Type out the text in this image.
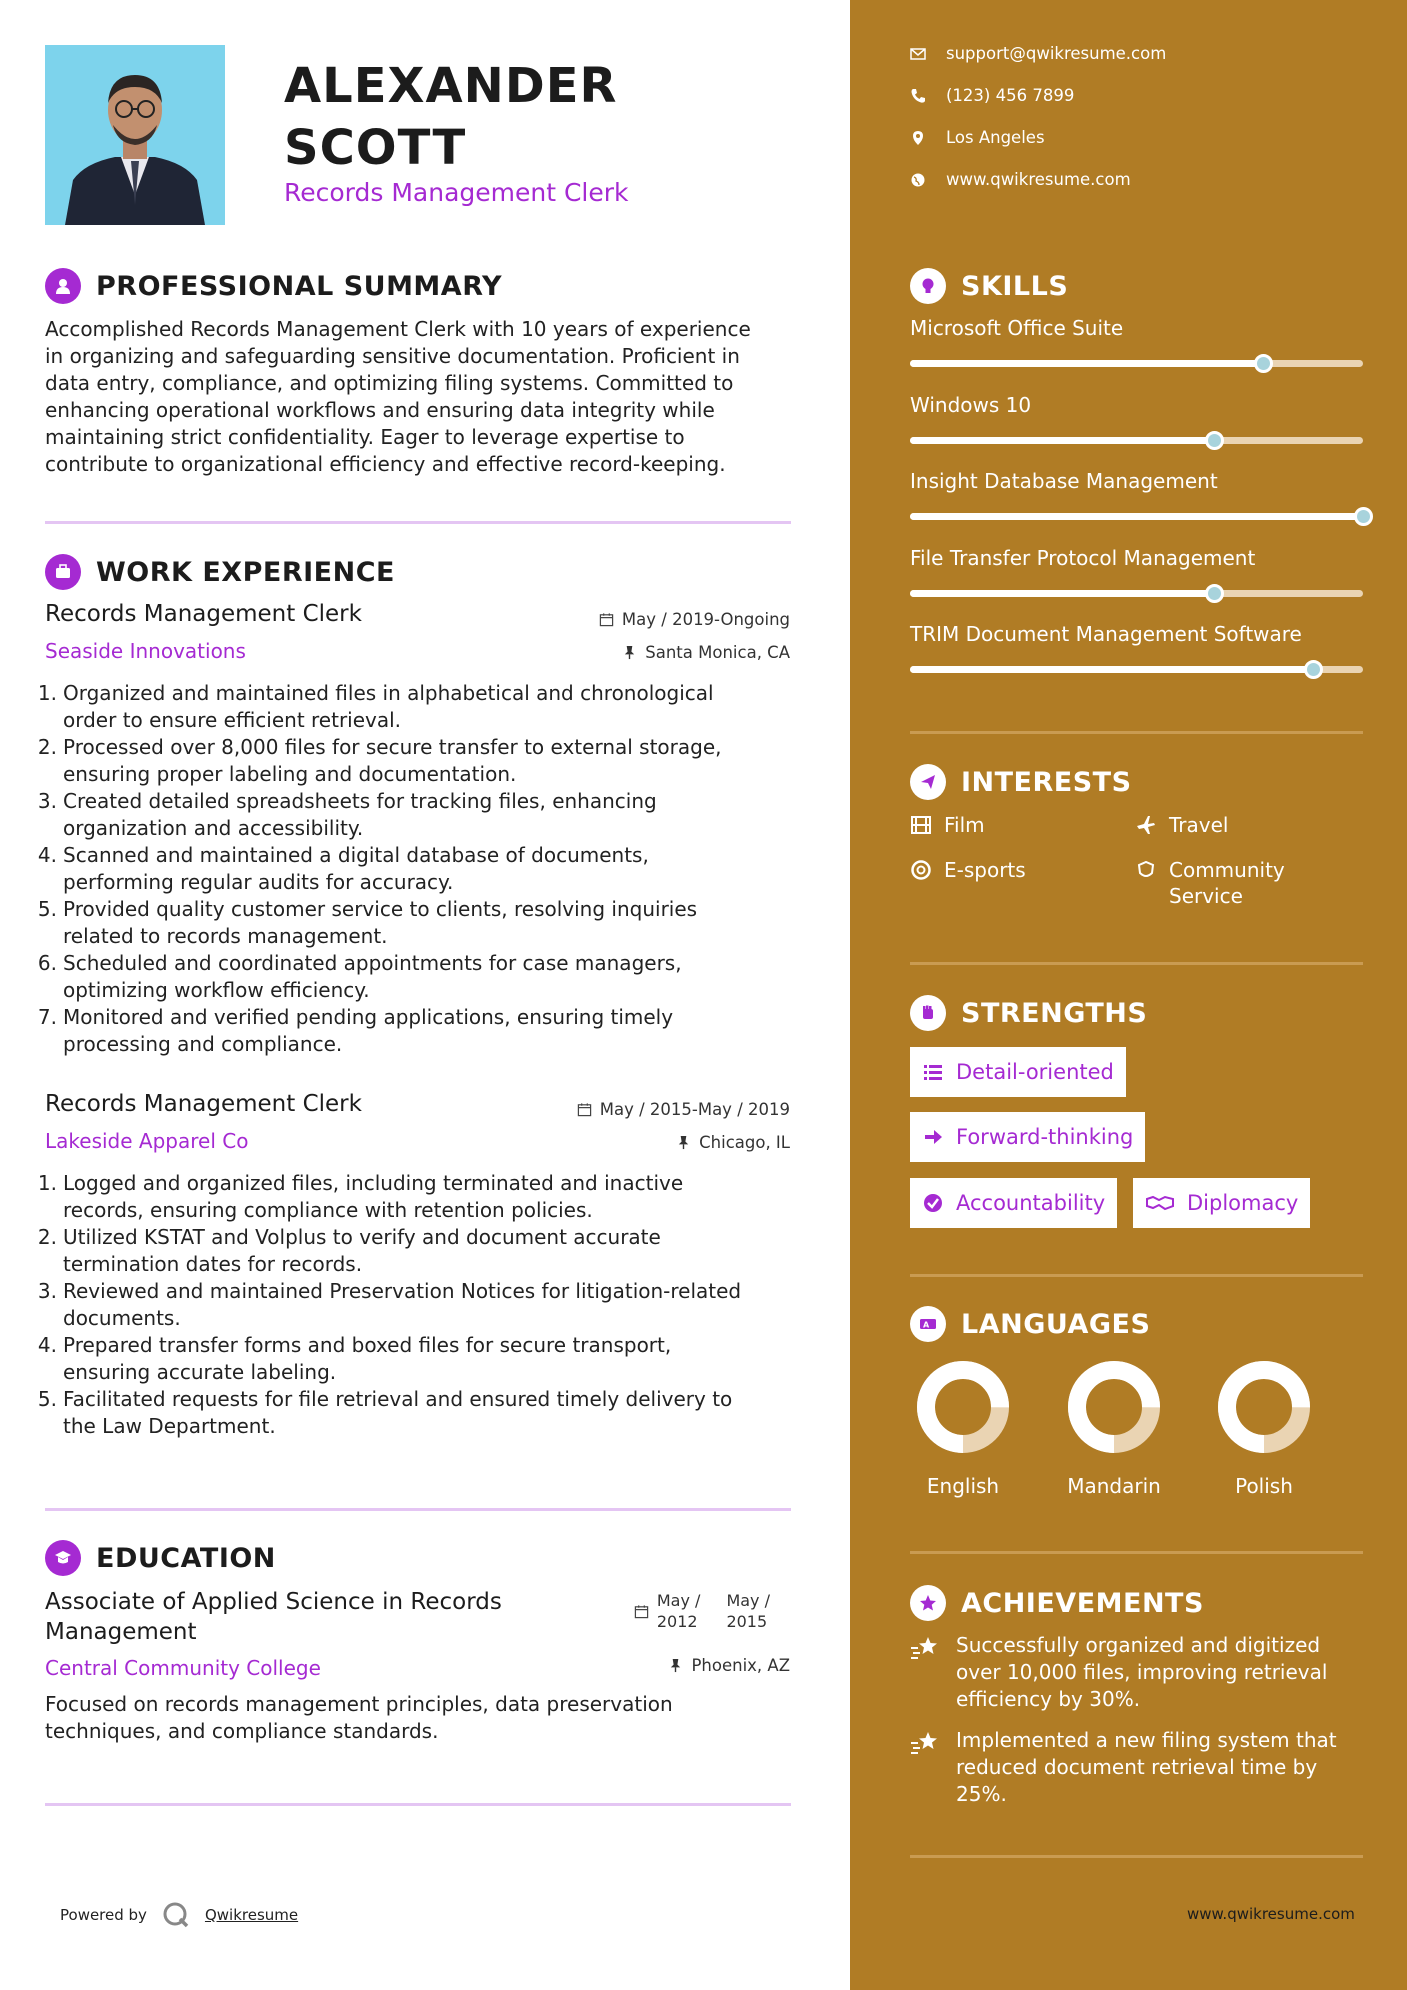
ALEXANDER
SCOTT
Records Management Clerk
PROFESSIONAL SUMMARY
Accomplished Records Management Clerk with 10 years of experience
in organizing and safeguarding sensitive documentation. Proficient in
data entry, compliance, and optimizing filing systems. Committed to
enhancing operational workflows and ensuring data integrity while
maintaining strict confidentiality. Eager to leverage expertise to
contribute to organizational efficiency and effective record-keeping.
WORK EXPERIENCE
Records Management Clerk
Seaside Innovations
May / 2019-Ongoing
Santa Monica, CA
1. Organized and maintained files in alphabetical and chronological
order to ensure efficient retrieval.
2. Processed over 8,000 files for secure transfer to external storage,
ensuring proper labeling and documentation.
3. Created detailed spreadsheets for tracking files, enhancing
organization and accessibility.
4. Scanned and maintained a digital database of documents,
performing regular audits for accuracy.
5. Provided quality customer service to clients, resolving inquiries
related to records management.
6. Scheduled and coordinated appointments for case managers,
optimizing workflow efficiency.
7. Monitored and verified pending applications, ensuring timely
processing and compliance.
Records Management Clerk
Lakeside Apparel Co
May / 2015-May / 2019
Chicago, IL
1. Logged and organized files, including terminated and inactive
records, ensuring compliance with retention policies.
2. Utilized KSTAT and Volplus to verify and document accurate
termination dates for records.
3. Reviewed and maintained Preservation Notices for litigation-related
documents.
4. Prepared transfer forms and boxed files for secure transport,
ensuring accurate labeling.
5. Facilitated requests for file retrieval and ensured timely delivery to
the Law Department.
EDUCATION
Associate of Applied Science in Records
Management
Central Community College
May /
2012
May /
2015
Phoenix, AZ
Focused on records management principles, data preservation
techniques, and compliance standards.
Powered by	Qwikresume
support@qwikresume.com
(123) 456 7899
Los Angeles
www.qwikresume.com
SKILLS
Microsoft Office Suite
Windows 10
Insight Database Management
File Transfer Protocol Management
TRIM Document Management Software
INTERESTS
Film	Travel
E-sports	Community
Service
STRENGTHS
Detail-oriented
Forward-thinking
Accountability	Diplomacy
A LANGUAGES
English	Mandarin	Polish
ACHIEVEMENTS
Successfully organized and digitized
over 10,000 files, improving retrieval
efficiency by 30%.
Implemented a new filing system that
reduced document retrieval time by
25%.
www.qwikresume.com
